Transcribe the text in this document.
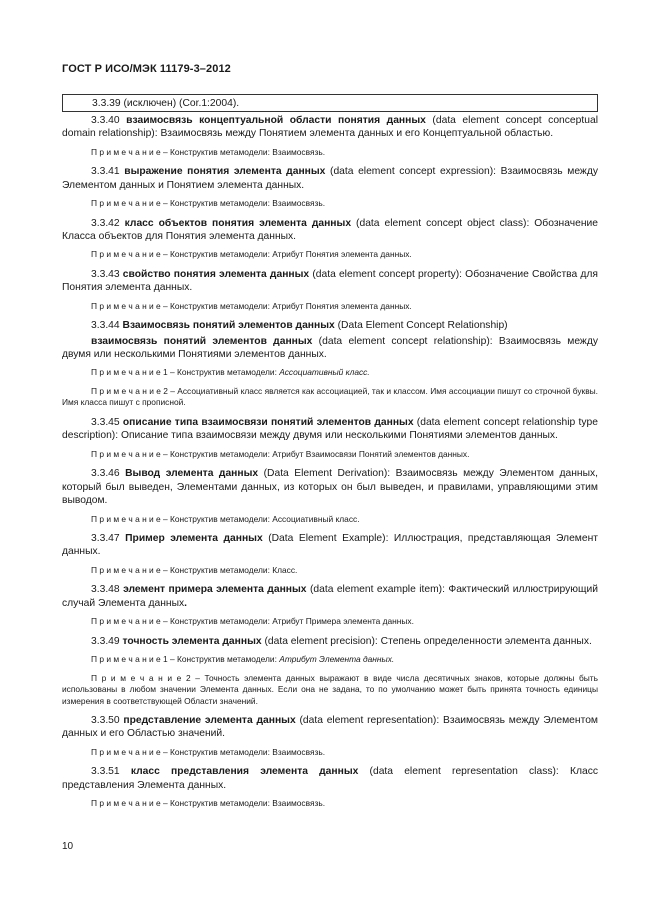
ГОСТ Р ИСО/МЭК 11179-3–2012
3.3.39 (исключен) (Cor.1:2004).

3.3.40 взаимосвязь концептуальной области понятия данных (data element concept conceptual domain relationship): Взаимосвязь между Понятием элемента данных и его Концептуальной областью.

П р и м е ч а н и е – Конструктив метамодели: Взаимосвязь.

3.3.41 выражение понятия элемента данных (data element concept expression): Взаимосвязь между Элементом данных и Понятием элемента данных.

П р и м е ч а н и е – Конструктив метамодели: Взаимосвязь.

3.3.42 класс объектов понятия элемента данных (data element concept object class): Обозначение Класса объектов для Понятия элемента данных.

П р и м е ч а н и е – Конструктив метамодели: Атрибут Понятия элемента данных.

3.3.43 свойство понятия элемента данных (data element concept property): Обозначение Свойства для Понятия элемента данных.

П р и м е ч а н и е – Конструктив метамодели: Атрибут Понятия элемента данных.

3.3.44 Взаимосвязь понятий элементов данных (Data Element Concept Relationship)

взаимосвязь понятий элементов данных (data element concept relationship): Взаимосвязь между двумя или несколькими Понятиями элементов данных.

П р и м е ч а н и е 1 – Конструктив метамодели: Ассоциативный класс.

П р и м е ч а н и е 2 – Ассоциативный класс является как ассоциацией, так и классом. Имя ассоциации пишут со строчной буквы. Имя класса пишут с прописной.

3.3.45 описание типа взаимосвязи понятий элементов данных (data element concept relationship type description): Описание типа взаимосвязи между двумя или несколькими Понятиями элементов данных.

П р и м е ч а н и е – Конструктив метамодели: Атрибут Взаимосвязи Понятий элементов данных.

3.3.46 Вывод элемента данных (Data Element Derivation): Взаимосвязь между Элементом данных, который был выведен, Элементами данных, из которых он был выведен, и правилами, управляющими этим выводом.

П р и м е ч а н и е – Конструктив метамодели: Ассоциативный класс.

3.3.47 Пример элемента данных (Data Element Example): Иллюстрация, представляющая Элемент данных.

П р и м е ч а н и е – Конструктив метамодели: Класс.

3.3.48 элемент примера элемента данных (data element example item): Фактический иллюстрирующий случай Элемента данных.

П р и м е ч а н и е – Конструктив метамодели: Атрибут Примера элемента данных.

3.3.49 точность элемента данных (data element precision): Степень определенности элемента данных.

П р и м е ч а н и е 1 – Конструктив метамодели: Атрибут Элемента данных.

П р и м е ч а н и е 2 – Точность элемента данных выражают в виде числа десятичных знаков, которые должны быть использованы в любом значении Элемента данных. Если она не задана, то по умолчанию может быть принята точность единицы измерения в соответствующей Области значений.

3.3.50 представление элемента данных (data element representation): Взаимосвязь между Элементом данных и его Областью значений.

П р и м е ч а н и е – Конструктив метамодели: Взаимосвязь.

3.3.51 класс представления элемента данных (data element representation class): Класс представления Элемента данных.

П р и м е ч а н и е – Конструктив метамодели: Взаимосвязь.

10
